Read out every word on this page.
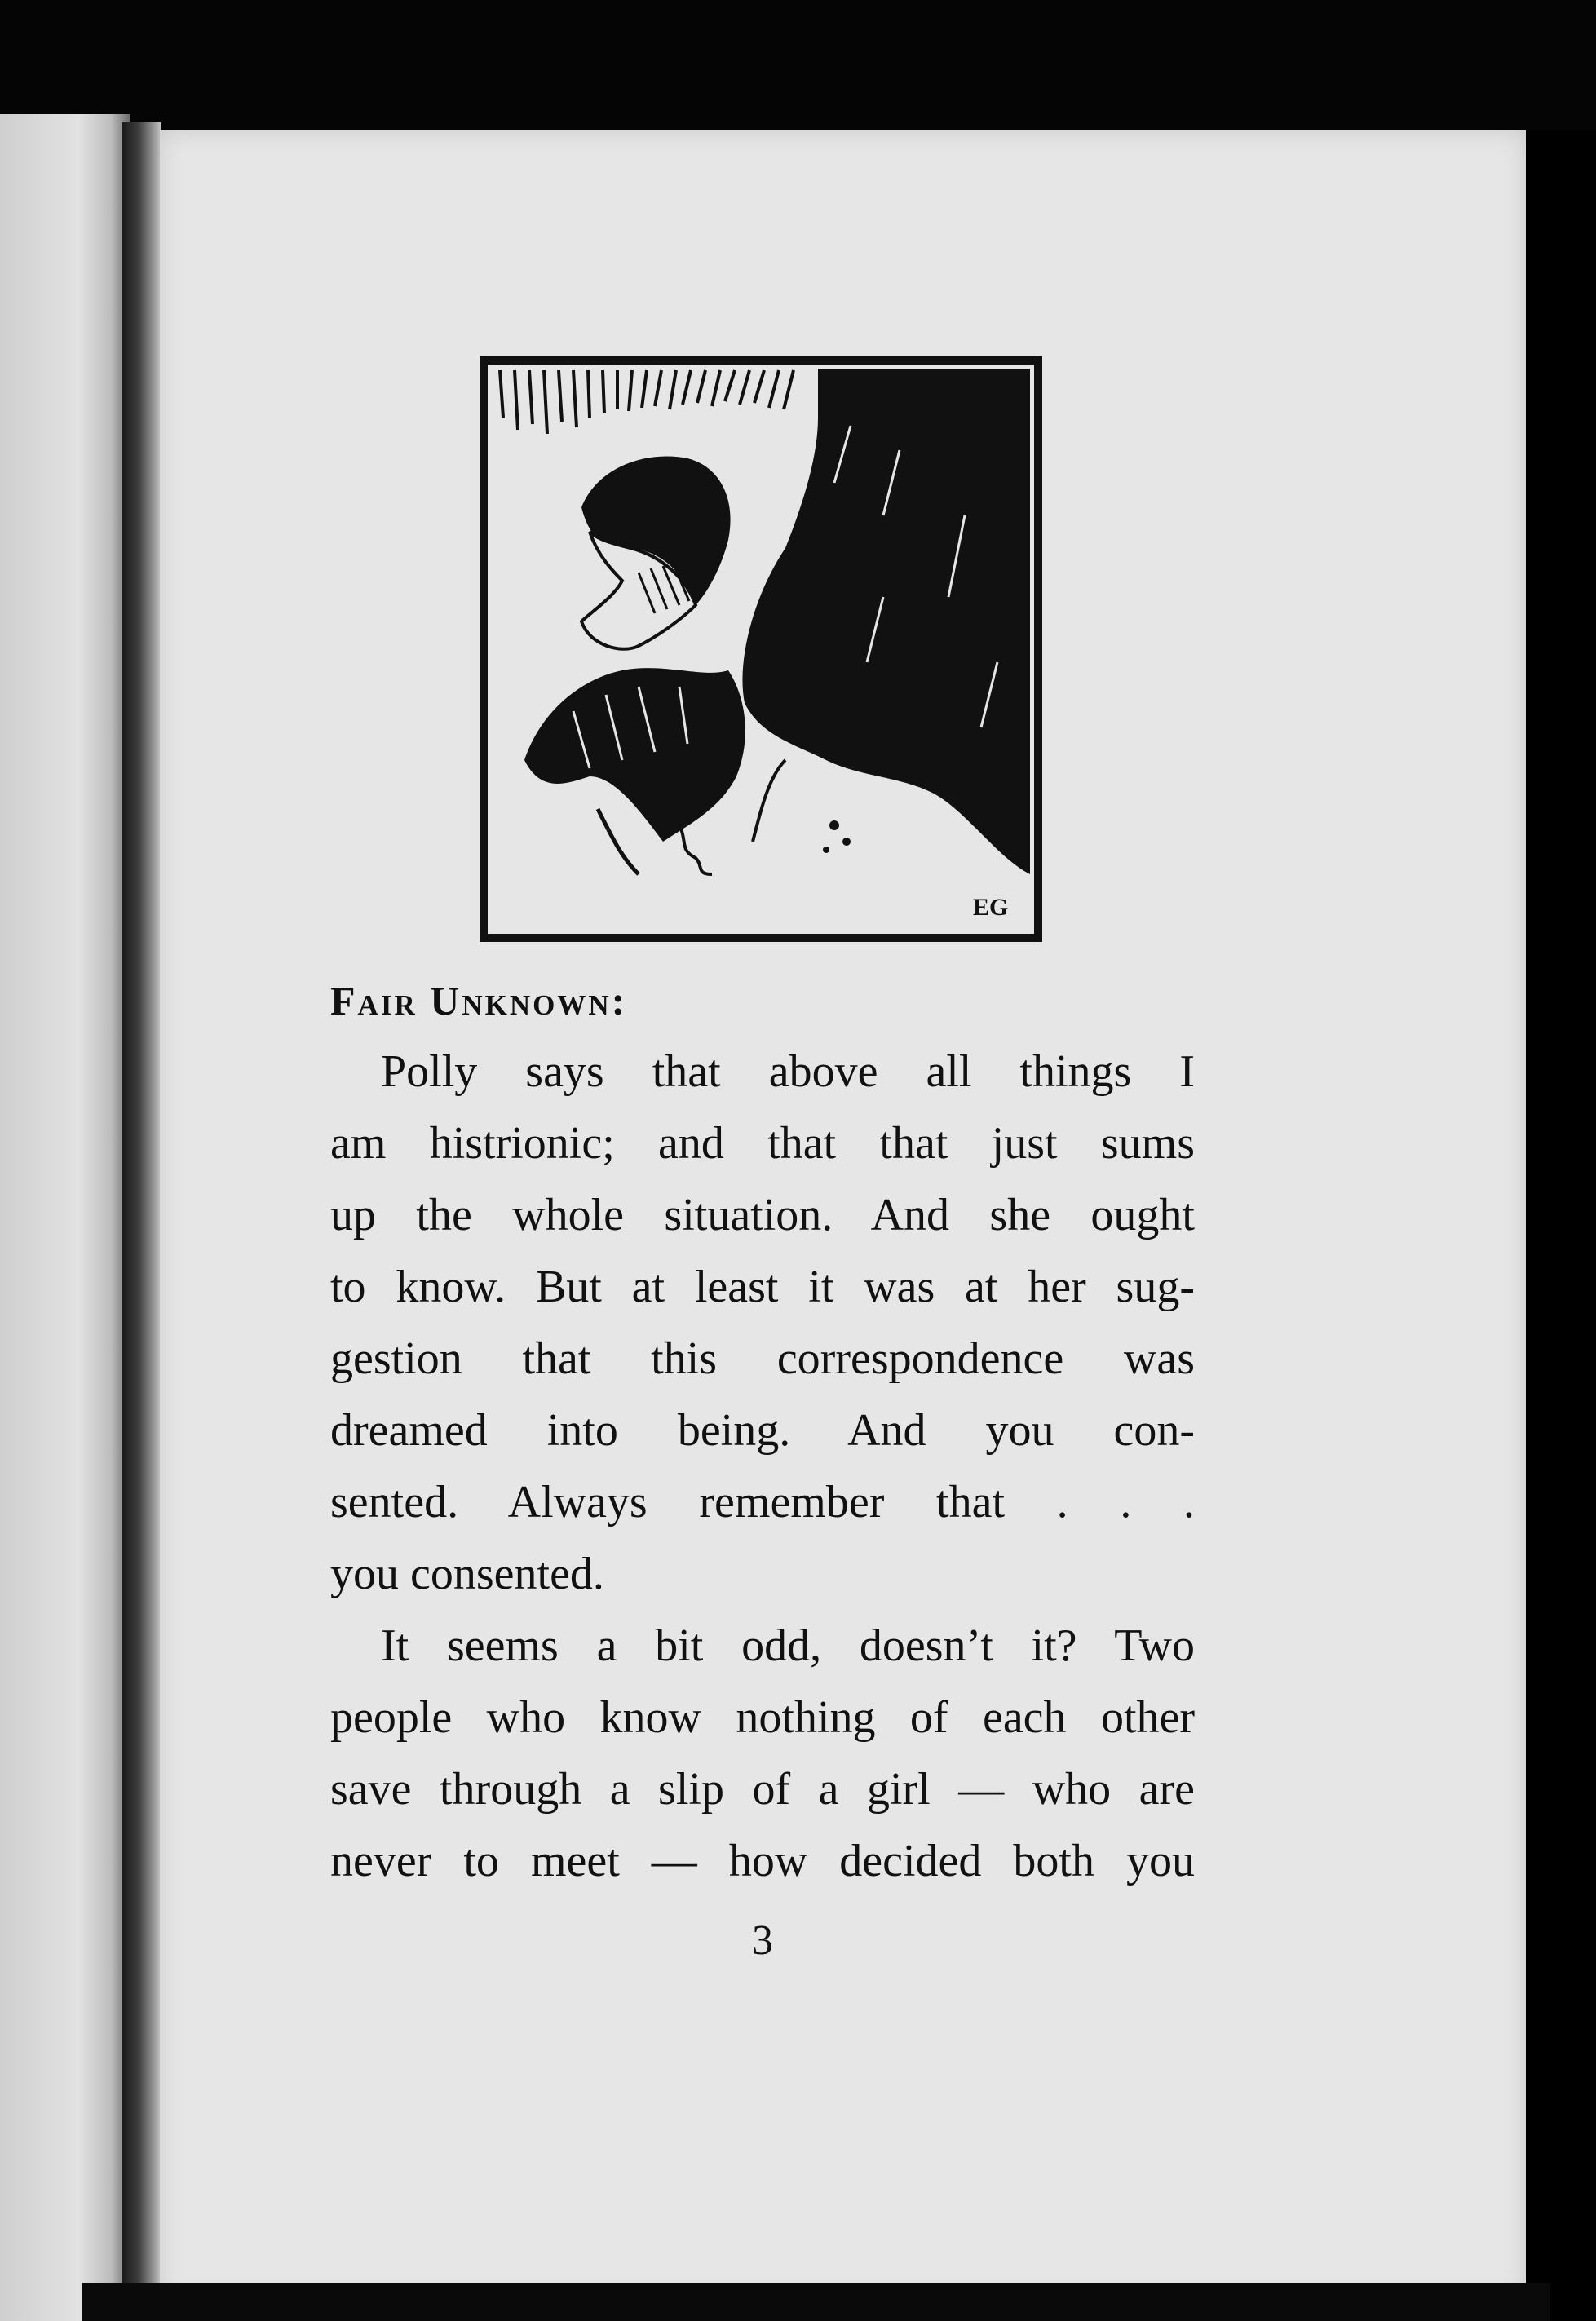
EG
Fair Unknown:
Polly says that above all things I
am histrionic; and that that just sums
up the whole situation. And she ought
to know. But at least it was at her sug-
gestion that this correspondence was
dreamed into being. And you con-
sented. Always remember that . . .
you consented.
It seems a bit odd, doesn’t it? Two
people who know nothing of each other
save through a slip of a girl — who are
never to meet — how decided both you
3
